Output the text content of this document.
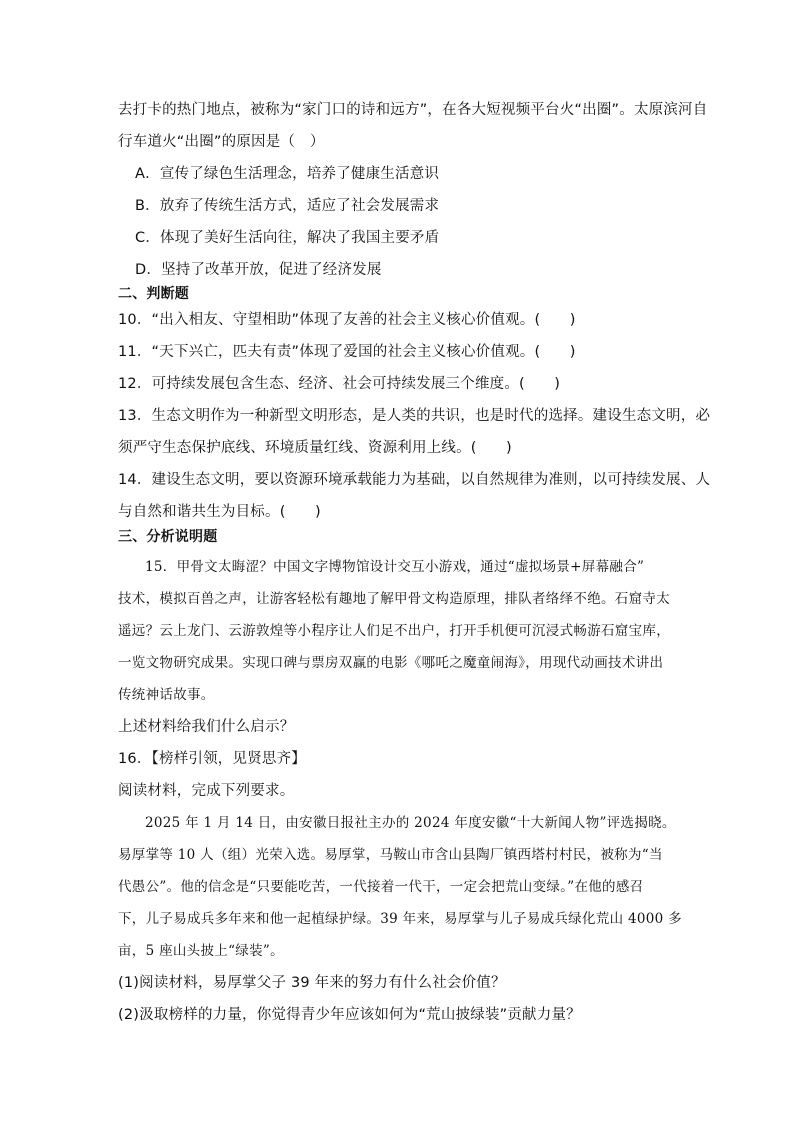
去打卡的热门地点，被称为“家门口的诗和远方”，在各大短视频平台火“出圈”。太原滨河自
行车道火“出圈”的原因是（　）
A．宣传了绿色生活理念，培养了健康生活意识
B．放弃了传统生活方式，适应了社会发展需求
C．体现了美好生活向往，解决了我国主要矛盾
D．坚持了改革开放，促进了经济发展
二、判断题
10．“出入相友、守望相助”体现了友善的社会主义核心价值观。(　　)
11．“天下兴亡，匹夫有责”体现了爱国的社会主义核心价值观。(　　)
12．可持续发展包含生态、经济、社会可持续发展三个维度。(　　)
13．生态文明作为一种新型文明形态，是人类的共识，也是时代的选择。建设生态文明，必
须严守生态保护底线、环境质量红线、资源利用上线。(　　)
14．建设生态文明，要以资源环境承载能力为基础，以自然规律为准则，以可持续发展、人
与自然和谐共生为目标。(　　)
三、分析说明题
15．甲骨文太晦涩？中国文字博物馆设计交互小游戏，通过“虚拟场景+屏幕融合”
技术，模拟百兽之声，让游客轻松有趣地了解甲骨文构造原理，排队者络绎不绝。石窟寺太
遥远？云上龙门、云游敦煌等小程序让人们足不出户，打开手机便可沉浸式畅游石窟宝库，
一览文物研究成果。实现口碑与票房双赢的电影《哪吒之魔童闹海》，用现代动画技术讲出
传统神话故事。
上述材料给我们什么启示？
16．【榜样引领，见贤思齐】
阅读材料，完成下列要求。
2025 年 1 月 14 日，由安徽日报社主办的 2024 年度安徽“十大新闻人物”评选揭晓。
易厚掌等 10 人（组）光荣入选。易厚掌，马鞍山市含山县陶厂镇西塔村村民，被称为“当
代愚公”。他的信念是“只要能吃苦，一代接着一代干，一定会把荒山变绿。”在他的感召
下，儿子易成兵多年来和他一起植绿护绿。39 年来，易厚掌与儿子易成兵绿化荒山 4000 多
亩，5 座山头披上“绿装”。
(1)阅读材料，易厚掌父子 39 年来的努力有什么社会价值？
(2)汲取榜样的力量，你觉得青少年应该如何为“荒山披绿装”贡献力量？
